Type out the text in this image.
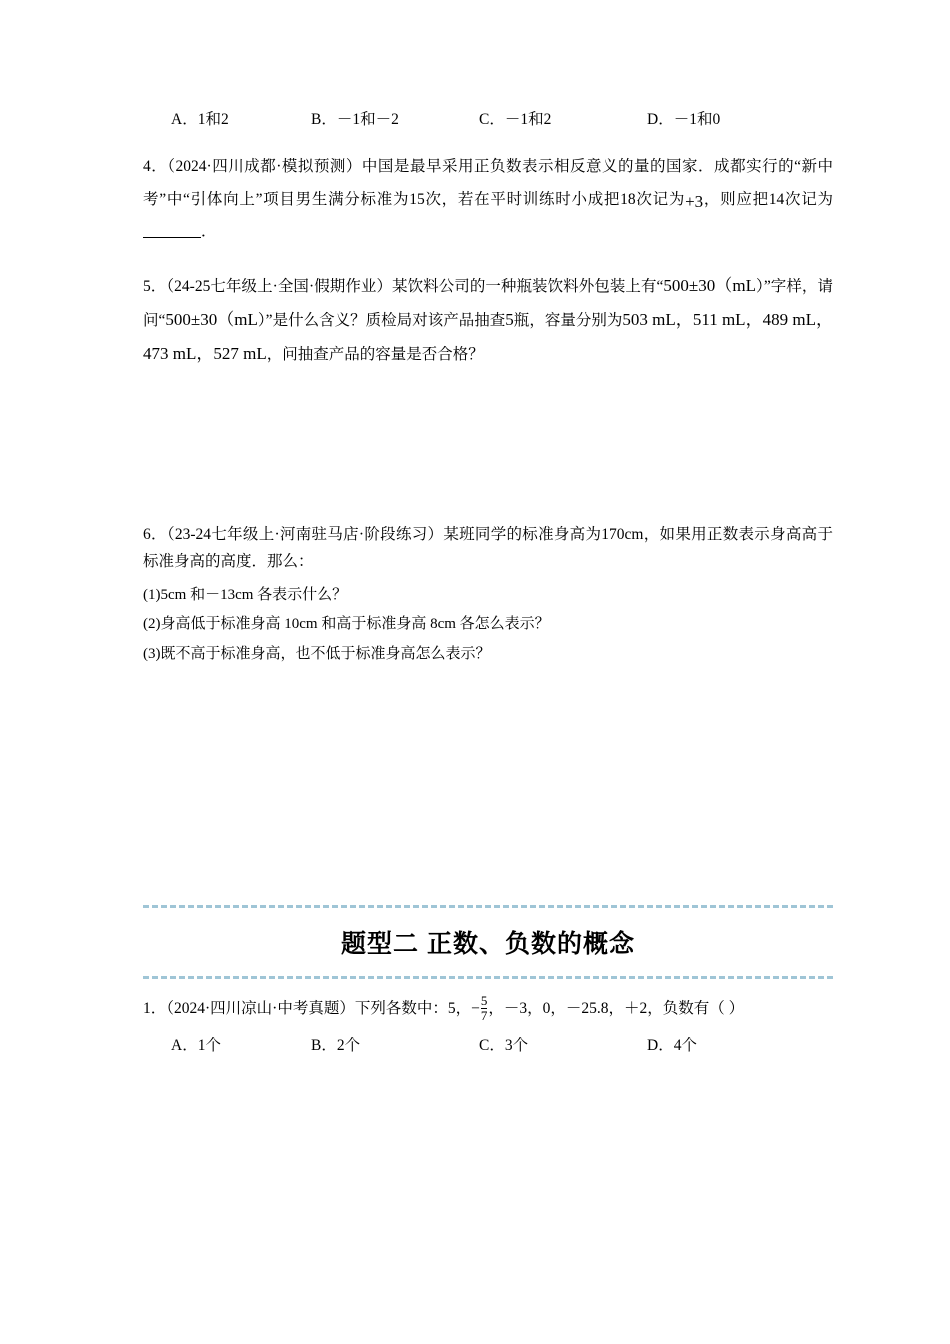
A．1和2	B．－1和－2	C．－1和2	D．－1和0
4．（2024·四川成都·模拟预测）中国是最早采用正负数表示相反意义的量的国家．成都实行的“新中考”中“引体向上”项目男生满分标准为15次，若在平时训练时小成把18次记为+3，则应把14次记为．
5．（24-25七年级上·全国·假期作业）某饮料公司的一种瓶装饮料外包装上有“500±30（mL）”字样，请问“500±30（mL）”是什么含义？质检局对该产品抽查5瓶，容量分别为503 mL，511 mL，489 mL，473 mL，527 mL，问抽查产品的容量是否合格？
6．（23-24七年级上·河南驻马店·阶段练习）某班同学的标准身高为170cm，如果用正数表示身高高于标准身高的高度．那么：
(1)5cm 和－13cm 各表示什么？
(2)身高低于标准身高 10cm 和高于标准身高 8cm 各怎么表示？
(3)既不高于标准身高，也不低于标准身高怎么表示？
题型二 正数、负数的概念
1．（2024·四川凉山·中考真题）下列各数中：5，− $\frac{5}{7}$ ，－3，0，－25.8，＋2，负数有（ ）
A．1个	B．2个	C．3个	D．4个
